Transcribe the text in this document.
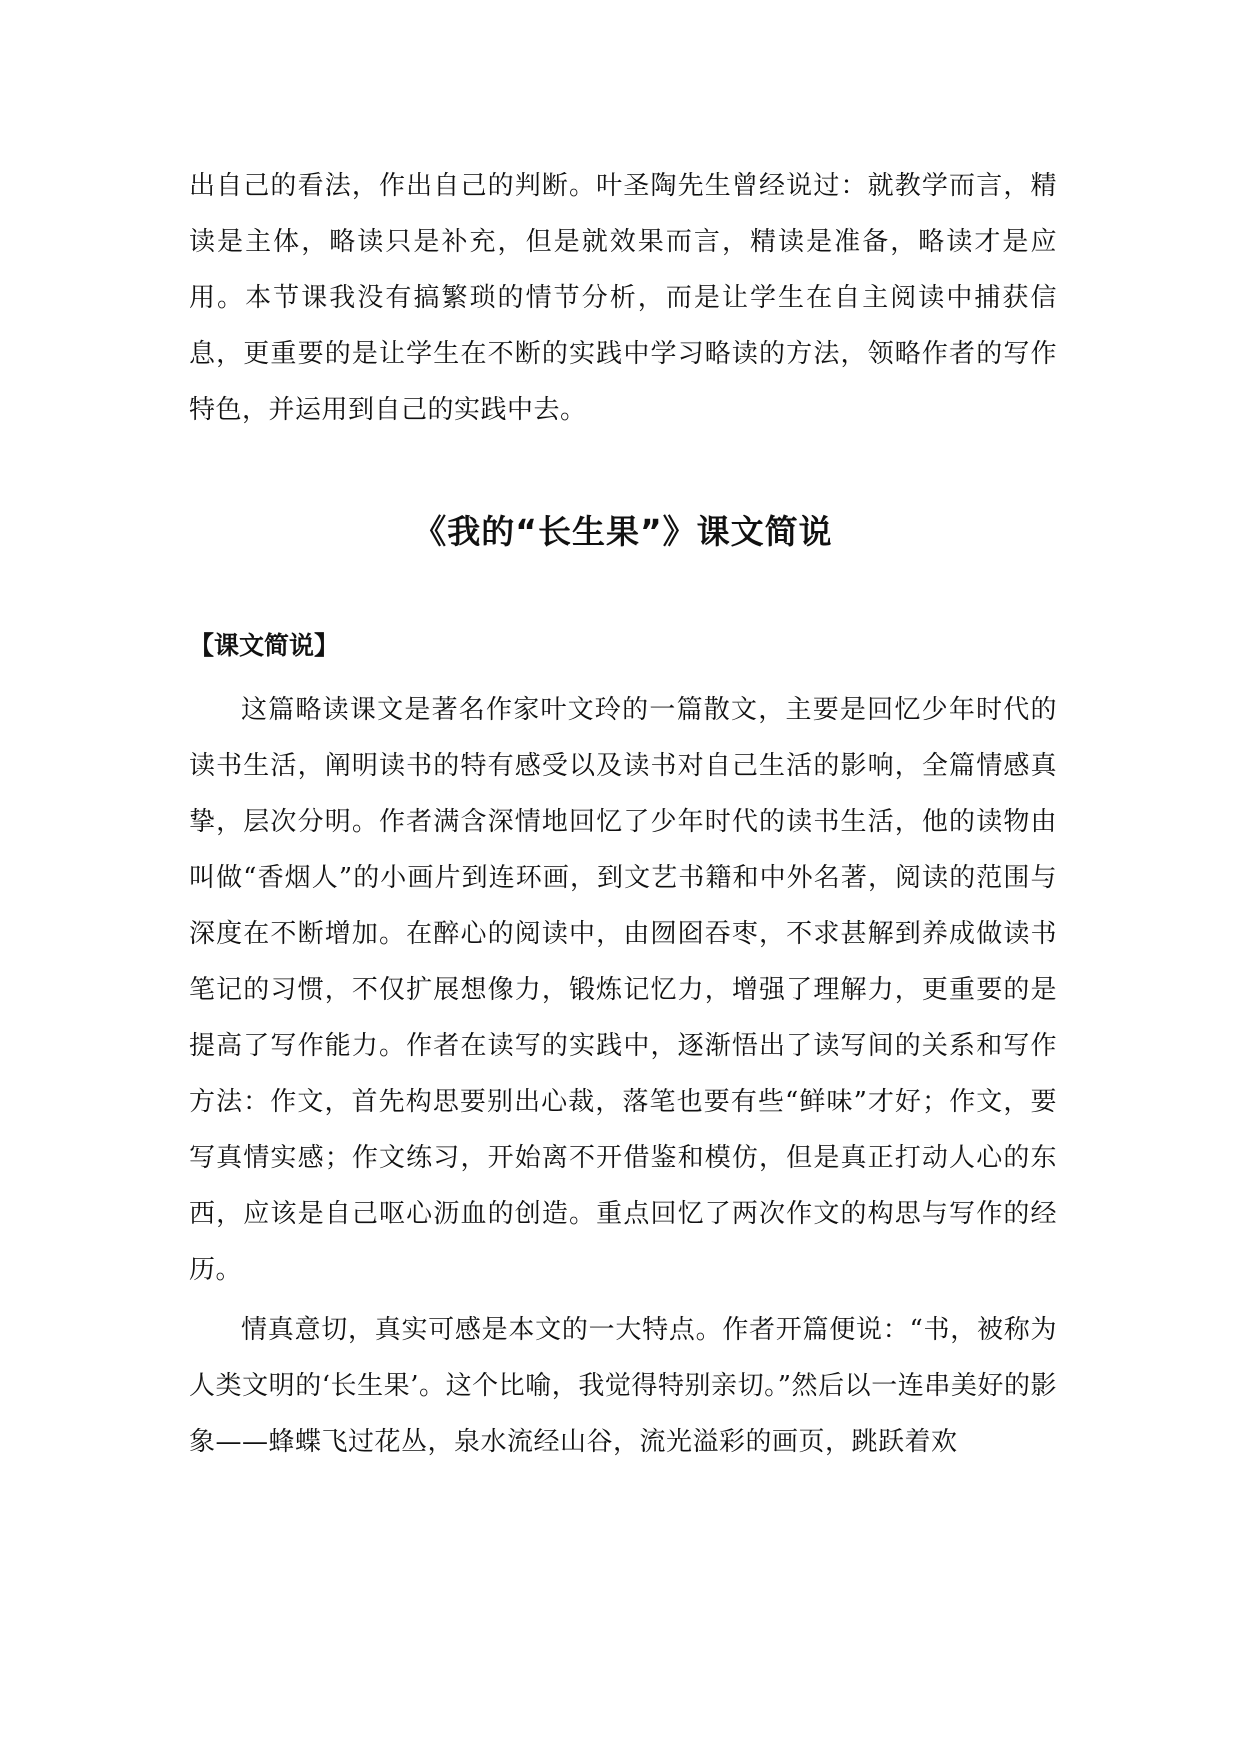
出自己的看法，作出自己的判断。叶圣陶先生曾经说过：就教学而言，精读是主体，略读只是补充，但是就效果而言，精读是准备，略读才是应用。本节课我没有搞繁琐的情节分析，而是让学生在自主阅读中捕获信息，更重要的是让学生在不断的实践中学习略读的方法，领略作者的写作特色，并运用到自己的实践中去。

《我的“长生果”》课文简说
【课文简说】

这篇略读课文是著名作家叶文玲的一篇散文，主要是回忆少年时代的读书生活，阐明读书的特有感受以及读书对自己生活的影响，全篇情感真挚，层次分明。作者满含深情地回忆了少年时代的读书生活，他的读物由叫做“香烟人”的小画片到连环画，到文艺书籍和中外名著，阅读的范围与深度在不断增加。在醉心的阅读中，由囫囵吞枣，不求甚解到养成做读书笔记的习惯，不仅扩展想像力，锻炼记忆力，增强了理解力，更重要的是提高了写作能力。作者在读写的实践中，逐渐悟出了读写间的关系和写作方法：作文，首先构思要别出心裁，落笔也要有些“鲜味”才好；作文，要写真情实感；作文练习，开始离不开借鉴和模仿，但是真正打动人心的东西，应该是自己呕心沥血的创造。重点回忆了两次作文的构思与写作的经历。

情真意切，真实可感是本文的一大特点。作者开篇便说：“书，被称为人类文明的‘长生果’。这个比喻，我觉得特别亲切。”然后以一连串美好的影象——蜂蝶飞过花丛，泉水流经山谷，流光溢彩的画页，跳跃着欢
